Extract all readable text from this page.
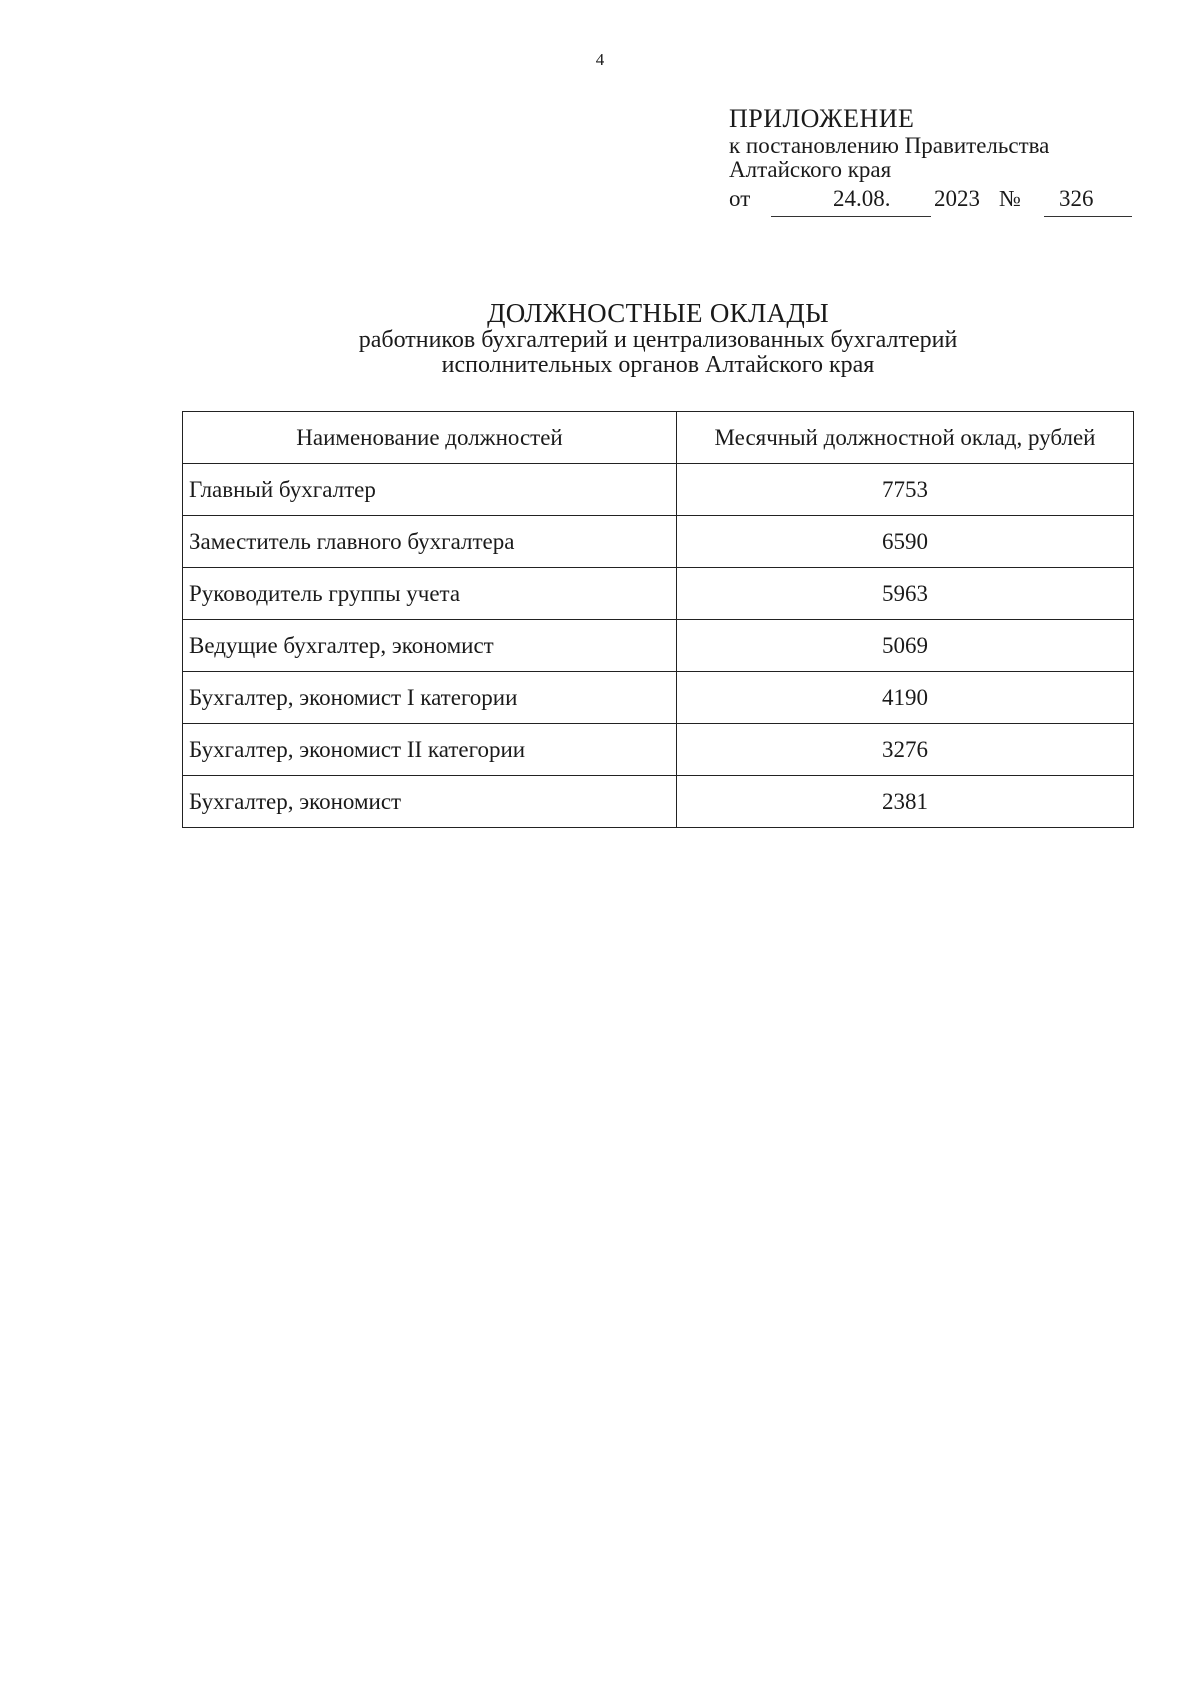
4
ПРИЛОЖЕНИЕ
к постановлению Правительства
Алтайского края
от	24.08. 2023 № 326
ДОЛЖНОСТНЫЕ ОКЛАДЫ
работников бухгалтерий и централизованных бухгалтерий
исполнительных органов Алтайского края
Наименование должностей	Месячный должностной оклад, рублей
Главный бухгалтер	7753
Заместитель главного бухгалтера	6590
Руководитель группы учета	5963
Ведущие бухгалтер, экономист	5069
Бухгалтер, экономист I категории	4190
Бухгалтер, экономист II категории	3276
Бухгалтер, экономист	2381
